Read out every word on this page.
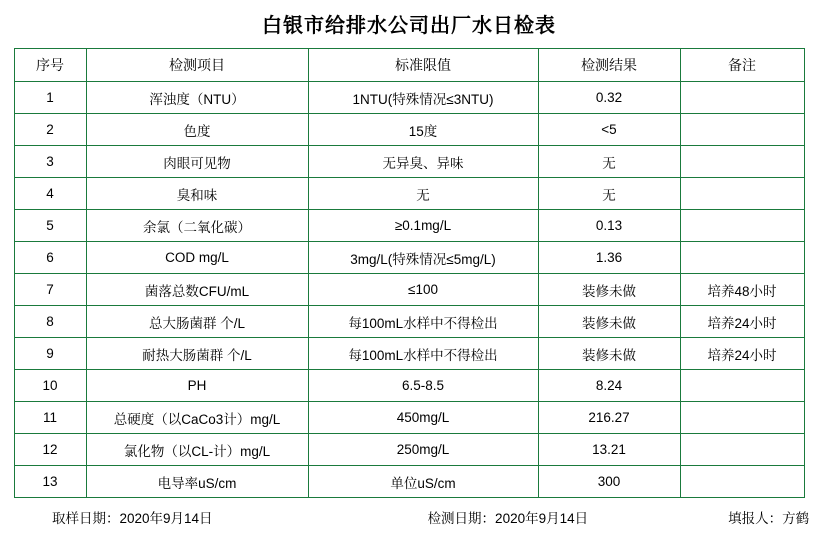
白银市给排水公司出厂水日检表
序号	检测项目	标准限值	检测结果	备注
1	浑浊度（NTU）	1NTU(特殊情况≤3NTU)	0.32	
2	色度	15度	<5	
3	肉眼可见物	无异臭、异味	无	
4	臭和味	无	无	
5	余氯（二氧化碳）	≥0.1mg/L	0.13	
6	COD mg/L	3mg/L(特殊情况≤5mg/L)	1.36	
7	菌落总数CFU/mL	≤100	装修未做	培养48小时
8	总大肠菌群 个/L	每100mL水样中不得检出	装修未做	培养24小时
9	耐热大肠菌群 个/L	每100mL水样中不得检出	装修未做	培养24小时
10	PH	6.5-8.5	8.24	
11	总硬度（以CaCo3计）mg/L	450mg/L	216.27	
12	氯化物（以CL-计）mg/L	250mg/L	13.21	
13	电导率uS/cm	单位uS/cm	300	
取样日期：2020年9月14日	检测日期：2020年9月14日	填报人：方鹤
